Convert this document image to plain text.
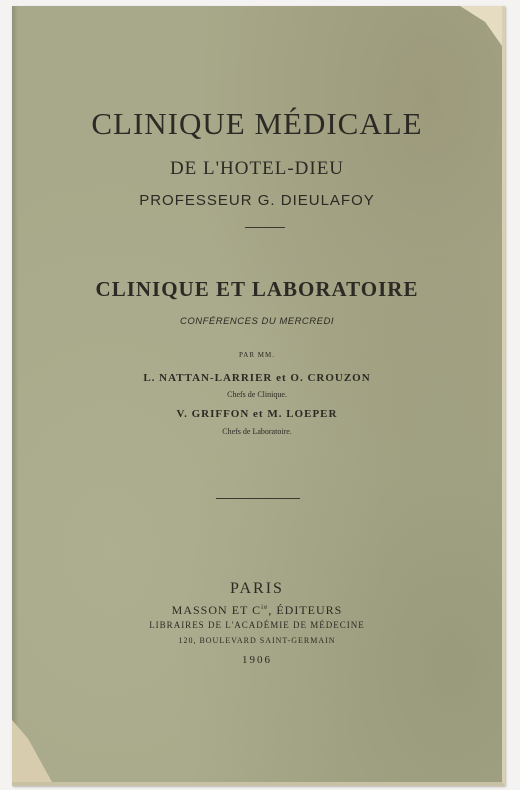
CLINIQUE MÉDICALE
DE L'HOTEL-DIEU
PROFESSEUR G. DIEULAFOY
CLINIQUE ET LABORATOIRE
CONFÉRENCES DU MERCREDI
PAR MM.
L. NATTAN-LARRIER et O. CROUZON
Chefs de Clinique.
V. GRIFFON et M. LOEPER
Chefs de Laboratoire.
PARIS
MASSON ET $C^{ie}$, ÉDITEURS
LIBRAIRES DE L'ACADÉMIE DE MÉDECINE
120, BOULEVARD SAINT-GERMAIN
1906
